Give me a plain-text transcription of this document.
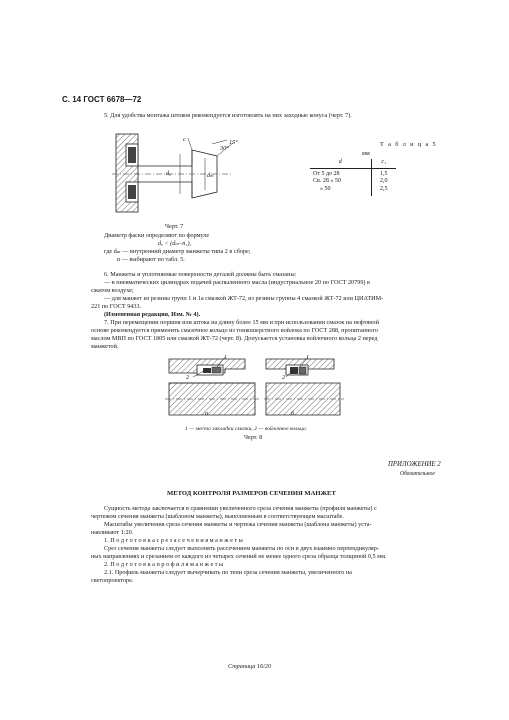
С. 14 ГОСТ 6678—72
5. Для удобства монтажа штоков рекомендуется изготовлять на них заходные конуса (черт. 7).
с	15°
30°
dₐ	dₘ
Черт. 7
Т а б л и ц а 5
мм
d	c₁
От 5 до 28	1,5
Св. 28 » 50	2,0
» 50	2,5
Диаметр фаски определяют по формуле
dₐ < (dₘ–n₁),
где dₘ — внутренний диаметр манжеты типа 2 в сборе;
n — выбирают по табл. 5.
6. Манжеты и уплотняемые поверхности деталей должны быть смазаны:
— в пневматических цилиндрах подачей распыленного масла (индустриальное 20 по ГОСТ 20799) в
сжатом воздухе;
— для манжет из резины групп 1 и 1а смазкой ЖТ-72, из резины группы 4 смазкой ЖТ-72 или ЦИАТИМ-
221 по ГОСТ 9433.
(Измененная редакция, Изм. № 4).
7. При перемещении поршня или штока на длину более 15 мм и при использовании смазок на нефтяной
основе рекомендуется применить смазочное кольцо из тонкошерстного войлока по ГОСТ 288, пропитанного
маслом МВП по ГОСТ 1805 или смазкой ЖТ-72 (черт. 8). Допускается установка войлочного кольца 2 перед
манжетой.
1
2
а
1
2
б
1 — место закладки смазки, 2 — войлочное кольцо.
Черт. 8
ПРИЛОЖЕНИЕ 2
Обязательное
МЕТОД КОНТРОЛЯ РАЗМЕРОВ СЕЧЕНИЯ МАНЖЕТ
Сущность метода заключается в сравнении увеличенного среза сечения манжеты (профиля манжеты) с
чертежом сечения манжеты (шаблоном манжеты), выполненным в соответствующем масштабе.
Масштабы увеличения среза сечения манжеты и чертежа сечения манжеты (шаблона манжеты) уста-
навливают 1:20.
1. П о д г о т о в к а с р е з а с е ч е н и я м а н ж е т ы
Срез сечения манжеты следует выполнять рассечением манжеты по оси в двух взаимно перпендикуляр-
ных направлениях и срезанием от каждого из четырех сечений не менее одного среза образца толщиной 0,5 мм.
2. П о д г о т о в к а п р о ф и л я м а н ж е т ы
2.1. Профиль манжеты следует вычерчивать по тени среза сечения манжеты, увеличенного на
светопроекторе.
Страница 16/20
